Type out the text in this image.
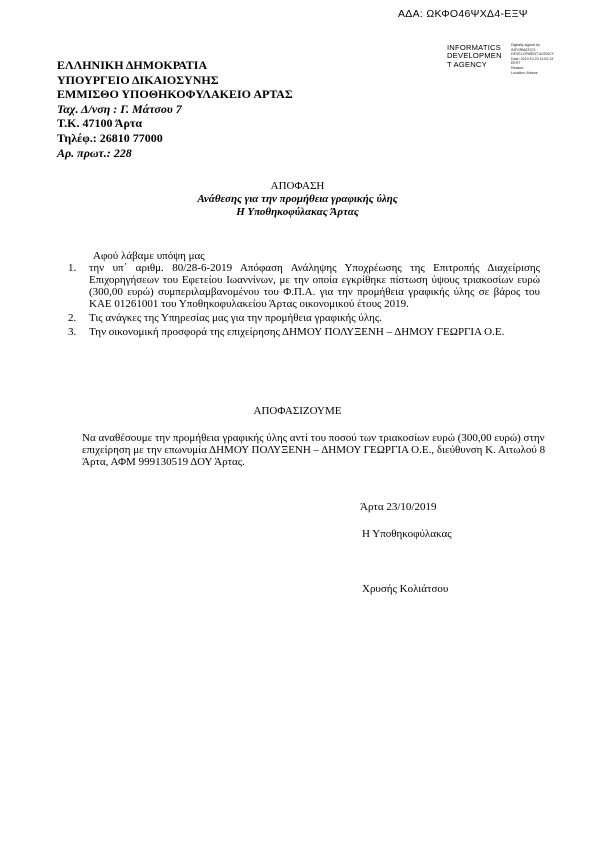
ΑΔΑ: ΩΚΦΟ46ΨΧΔ4-ΕΞΨ
INFORMATICS
DEVELOPMEN
T AGENCY
Digitally signed by
INFORMATICS
DEVELOPMENT AGENCY
Date: 2019.10.23 11:02:13
EEST
Reason:
Location: Athens
ΕΛΛΗΝΙΚΗ ΔΗΜΟΚΡΑΤΙΑ
ΥΠΟΥΡΓΕΙΟ ΔΙΚΑΙΟΣΥΝΗΣ
ΕΜΜΙΣΘΟ ΥΠΟΘΗΚΟΦΥΛΑΚΕΙΟ ΑΡΤΑΣ
Ταχ. Δ/νση : Γ. Μάτσου 7
Τ.Κ. 47100 Άρτα
Τηλέφ.: 26810 77000
Αρ. πρωτ.: 228
ΑΠΟΦΑΣΗ
Ανάθεσης για την προμήθεια γραφικής ύλης
Η Υποθηκοφύλακας Άρτας
Αφού λάβαμε υπόψη μας
1.	την υπ΄ αριθμ. 80/28-6-2019 Απόφαση Ανάληψης Υποχρέωσης της Επιτροπής Διαχείρισης Επιχορηγήσεων του Εφετείου Ιωαννίνων, με την οποία εγκρίθηκε πίστωση ύψους τριακοσίων ευρώ (300,00 ευρώ) συμπεριλαμβανομένου του Φ.Π.Α. για την προμήθεια γραφικής ύλης σε βάρος του ΚΑΕ 01261001 του Υποθηκοφυλακείου Άρτας οικονομικού έτους 2019.
2.	Τις ανάγκες της Υπηρεσίας μας για την προμήθεια γραφικής ύλης.
3.	Την οικονομική προσφορά της επιχείρησης ΔΗΜΟΥ ΠΟΛΥΞΕΝΗ – ΔΗΜΟΥ ΓΕΩΡΓΙΑ Ο.Ε.
ΑΠΟΦΑΣΙΖΟΥΜΕ
Να αναθέσουμε την προμήθεια γραφικής ύλης αντί του ποσού των τριακοσίων ευρώ (300,00 ευρώ) στην επιχείρηση με την επωνυμία ΔΗΜΟΥ ΠΟΛΥΞΕΝΗ – ΔΗΜΟΥ ΓΕΩΡΓΙΑ Ο.Ε., διεύθυνση Κ. Αιτωλού 8 Άρτα, ΑΦΜ 999130519 ΔΟΥ Άρτας.
Άρτα 23/10/2019
Η Υποθηκοφύλακας
Χρυσής Κολιάτσου
